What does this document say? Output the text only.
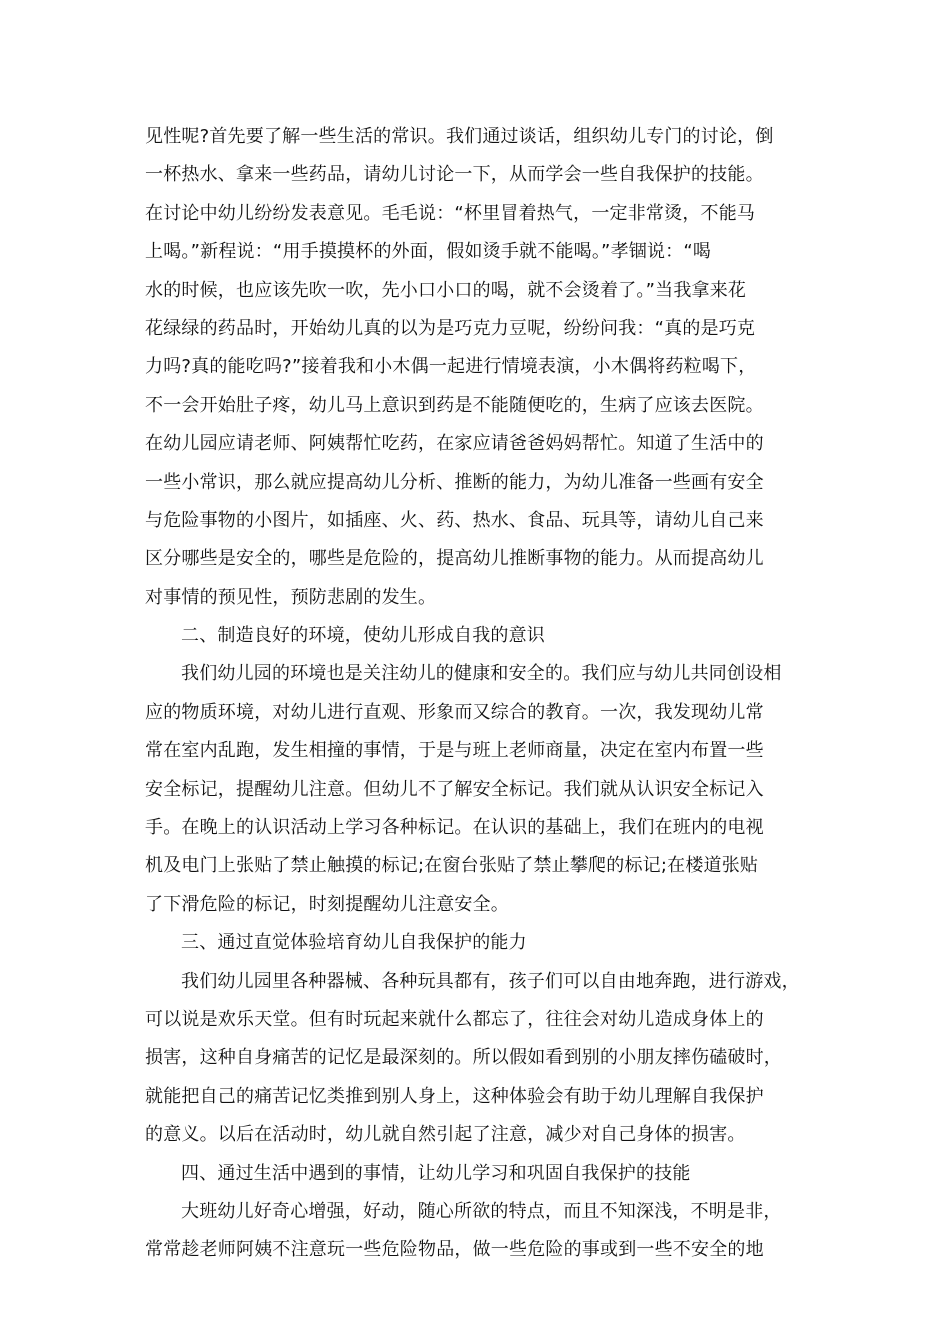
见性呢?首先要了解一些生活的常识。我们通过谈话，组织幼儿专门的讨论，倒
一杯热水、拿来一些药品，请幼儿讨论一下，从而学会一些自我保护的技能。
在讨论中幼儿纷纷发表意见。毛毛说：“杯里冒着热气，一定非常烫，不能马
上喝。”新程说：“用手摸摸杯的外面，假如烫手就不能喝。”孝锢说：“喝
水的时候，也应该先吹一吹，先小口小口的喝，就不会烫着了。”当我拿来花
花绿绿的药品时，开始幼儿真的以为是巧克力豆呢，纷纷问我：“真的是巧克
力吗?真的能吃吗?”接着我和小木偶一起进行情境表演，小木偶将药粒喝下，
不一会开始肚子疼，幼儿马上意识到药是不能随便吃的，生病了应该去医院。
在幼儿园应请老师、阿姨帮忙吃药，在家应请爸爸妈妈帮忙。知道了生活中的
一些小常识，那么就应提高幼儿分析、推断的能力，为幼儿准备一些画有安全
与危险事物的小图片，如插座、火、药、热水、食品、玩具等，请幼儿自己来
区分哪些是安全的，哪些是危险的，提高幼儿推断事物的能力。从而提高幼儿
对事情的预见性，预防悲剧的发生。
二、制造良好的环境，使幼儿形成自我的意识
我们幼儿园的环境也是关注幼儿的健康和安全的。我们应与幼儿共同创设相
应的物质环境，对幼儿进行直观、形象而又综合的教育。一次，我发现幼儿常
常在室内乱跑，发生相撞的事情，于是与班上老师商量，决定在室内布置一些
安全标记，提醒幼儿注意。但幼儿不了解安全标记。我们就从认识安全标记入
手。在晚上的认识活动上学习各种标记。在认识的基础上，我们在班内的电视
机及电门上张贴了禁止触摸的标记;在窗台张贴了禁止攀爬的标记;在楼道张贴
了下滑危险的标记，时刻提醒幼儿注意安全。
三、通过直觉体验培育幼儿自我保护的能力
我们幼儿园里各种器械、各种玩具都有，孩子们可以自由地奔跑，进行游戏，
可以说是欢乐天堂。但有时玩起来就什么都忘了，往往会对幼儿造成身体上的
损害，这种自身痛苦的记忆是最深刻的。所以假如看到别的小朋友摔伤磕破时，
就能把自己的痛苦记忆类推到别人身上，这种体验会有助于幼儿理解自我保护
的意义。以后在活动时，幼儿就自然引起了注意，减少对自己身体的损害。
四、通过生活中遇到的事情，让幼儿学习和巩固自我保护的技能
大班幼儿好奇心增强，好动，随心所欲的特点，而且不知深浅，不明是非，
常常趁老师阿姨不注意玩一些危险物品，做一些危险的事或到一些不安全的地
